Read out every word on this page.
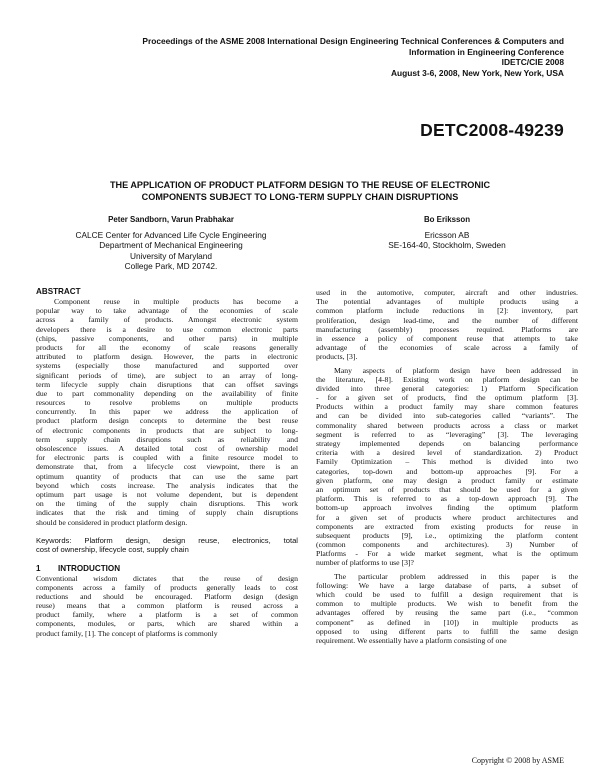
Proceedings of the ASME 2008 International Design Engineering Technical Conferences & Computers and
Information in Engineering Conference
IDETC/CIE 2008
August 3-6, 2008, New York, New York, USA
DETC2008-49239
THE APPLICATION OF PRODUCT PLATFORM DESIGN TO THE REUSE OF ELECTRONIC
COMPONENTS SUBJECT TO LONG-TERM SUPPLY CHAIN DISRUPTIONS
Peter Sandborn, Varun Prabhakar
CALCE Center for Advanced Life Cycle Engineering
Department of Mechanical Engineering
University of Maryland
College Park, MD 20742.
Bo Eriksson
Ericsson AB
SE-164-40, Stockholm, Sweden
ABSTRACT
Component reuse in multiple products has become a
popular way to take advantage of the economies of scale
across a family of products. Amongst electronic system
developers there is a desire to use common electronic parts
(chips, passive components, and other parts) in multiple
products for all the economy of scale reasons generally
attributed to platform design. However, the parts in electronic
systems (especially those manufactured and supported over
significant periods of time), are subject to an array of long-
term lifecycle supply chain disruptions that can offset savings
due to part commonality depending on the availability of finite
resources to resolve problems on multiple products
concurrently. In this paper we address the application of
product platform design concepts to determine the best reuse
of electronic components in products that are subject to long-
term supply chain disruptions such as reliability and
obsolescence issues. A detailed total cost of ownership model
for electronic parts is coupled with a finite resource model to
demonstrate that, from a lifecycle cost viewpoint, there is an
optimum quantity of products that can use the same part
beyond which costs increase. The analysis indicates that the
optimum part usage is not volume dependent, but is dependent
on the timing of the supply chain disruptions. This work
indicates that the risk and timing of supply chain disruptions
should be considered in product platform design.
Keywords: Platform design, design reuse, electronics, total
cost of ownership, lifecycle cost, supply chain
1 INTRODUCTION
Conventional wisdom dictates that the reuse of design
components across a family of products generally leads to cost
reductions and should be encouraged. Platform design (design
reuse) means that a common platform is reused across a
product family, where a platform is a set of common
components, modules, or parts, which are shared within a
product family, [1]. The concept of platforms is commonly
used in the automotive, computer, aircraft and other industries.
The potential advantages of multiple products using a
common platform include reductions in [2]: inventory, part
proliferation, design lead-time, and the number of different
manufacturing (assembly) processes required. Platforms are
in essence a policy of component reuse that attempts to take
advantage of the economies of scale across a family of
products, [3].
Many aspects of platform design have been addressed in
the literature, [4-8]. Existing work on platform design can be
divided into three general categories: 1) Platform Specification
- for a given set of products, find the optimum platform [3].
Products within a product family may share common features
and can be divided into sub-categories called “variants”. The
commonality shared between products across a class or market
segment is referred to as “leveraging” [3]. The leveraging
strategy implemented depends on balancing performance
criteria with a desired level of standardization. 2) Product
Family Optimization – This method is divided into two
categories, top-down and bottom-up approaches [9]. For a
given platform, one may design a product family or estimate
an optimum set of products that should be used for a given
platform. This is referred to as a top-down approach [9]. The
bottom-up approach involves finding the optimum platform
for a given set of products where product architectures and
components are extracted from existing products for reuse in
subsequent products [9], i.e., optimizing the platform content
(common components and architectures). 3) Number of
Platforms - For a wide market segment, what is the optimum
number of platforms to use [3]?
The particular problem addressed in this paper is the
following: We have a large database of parts, a subset of
which could be used to fulfill a design requirement that is
common to multiple products. We wish to benefit from the
advantages offered by reusing the same part (i.e., “common
component” as defined in [10]) in multiple products as
opposed to using different parts to fulfill the same design
requirement. We essentially have a platform consisting of one
Copyright © 2008 by ASME
